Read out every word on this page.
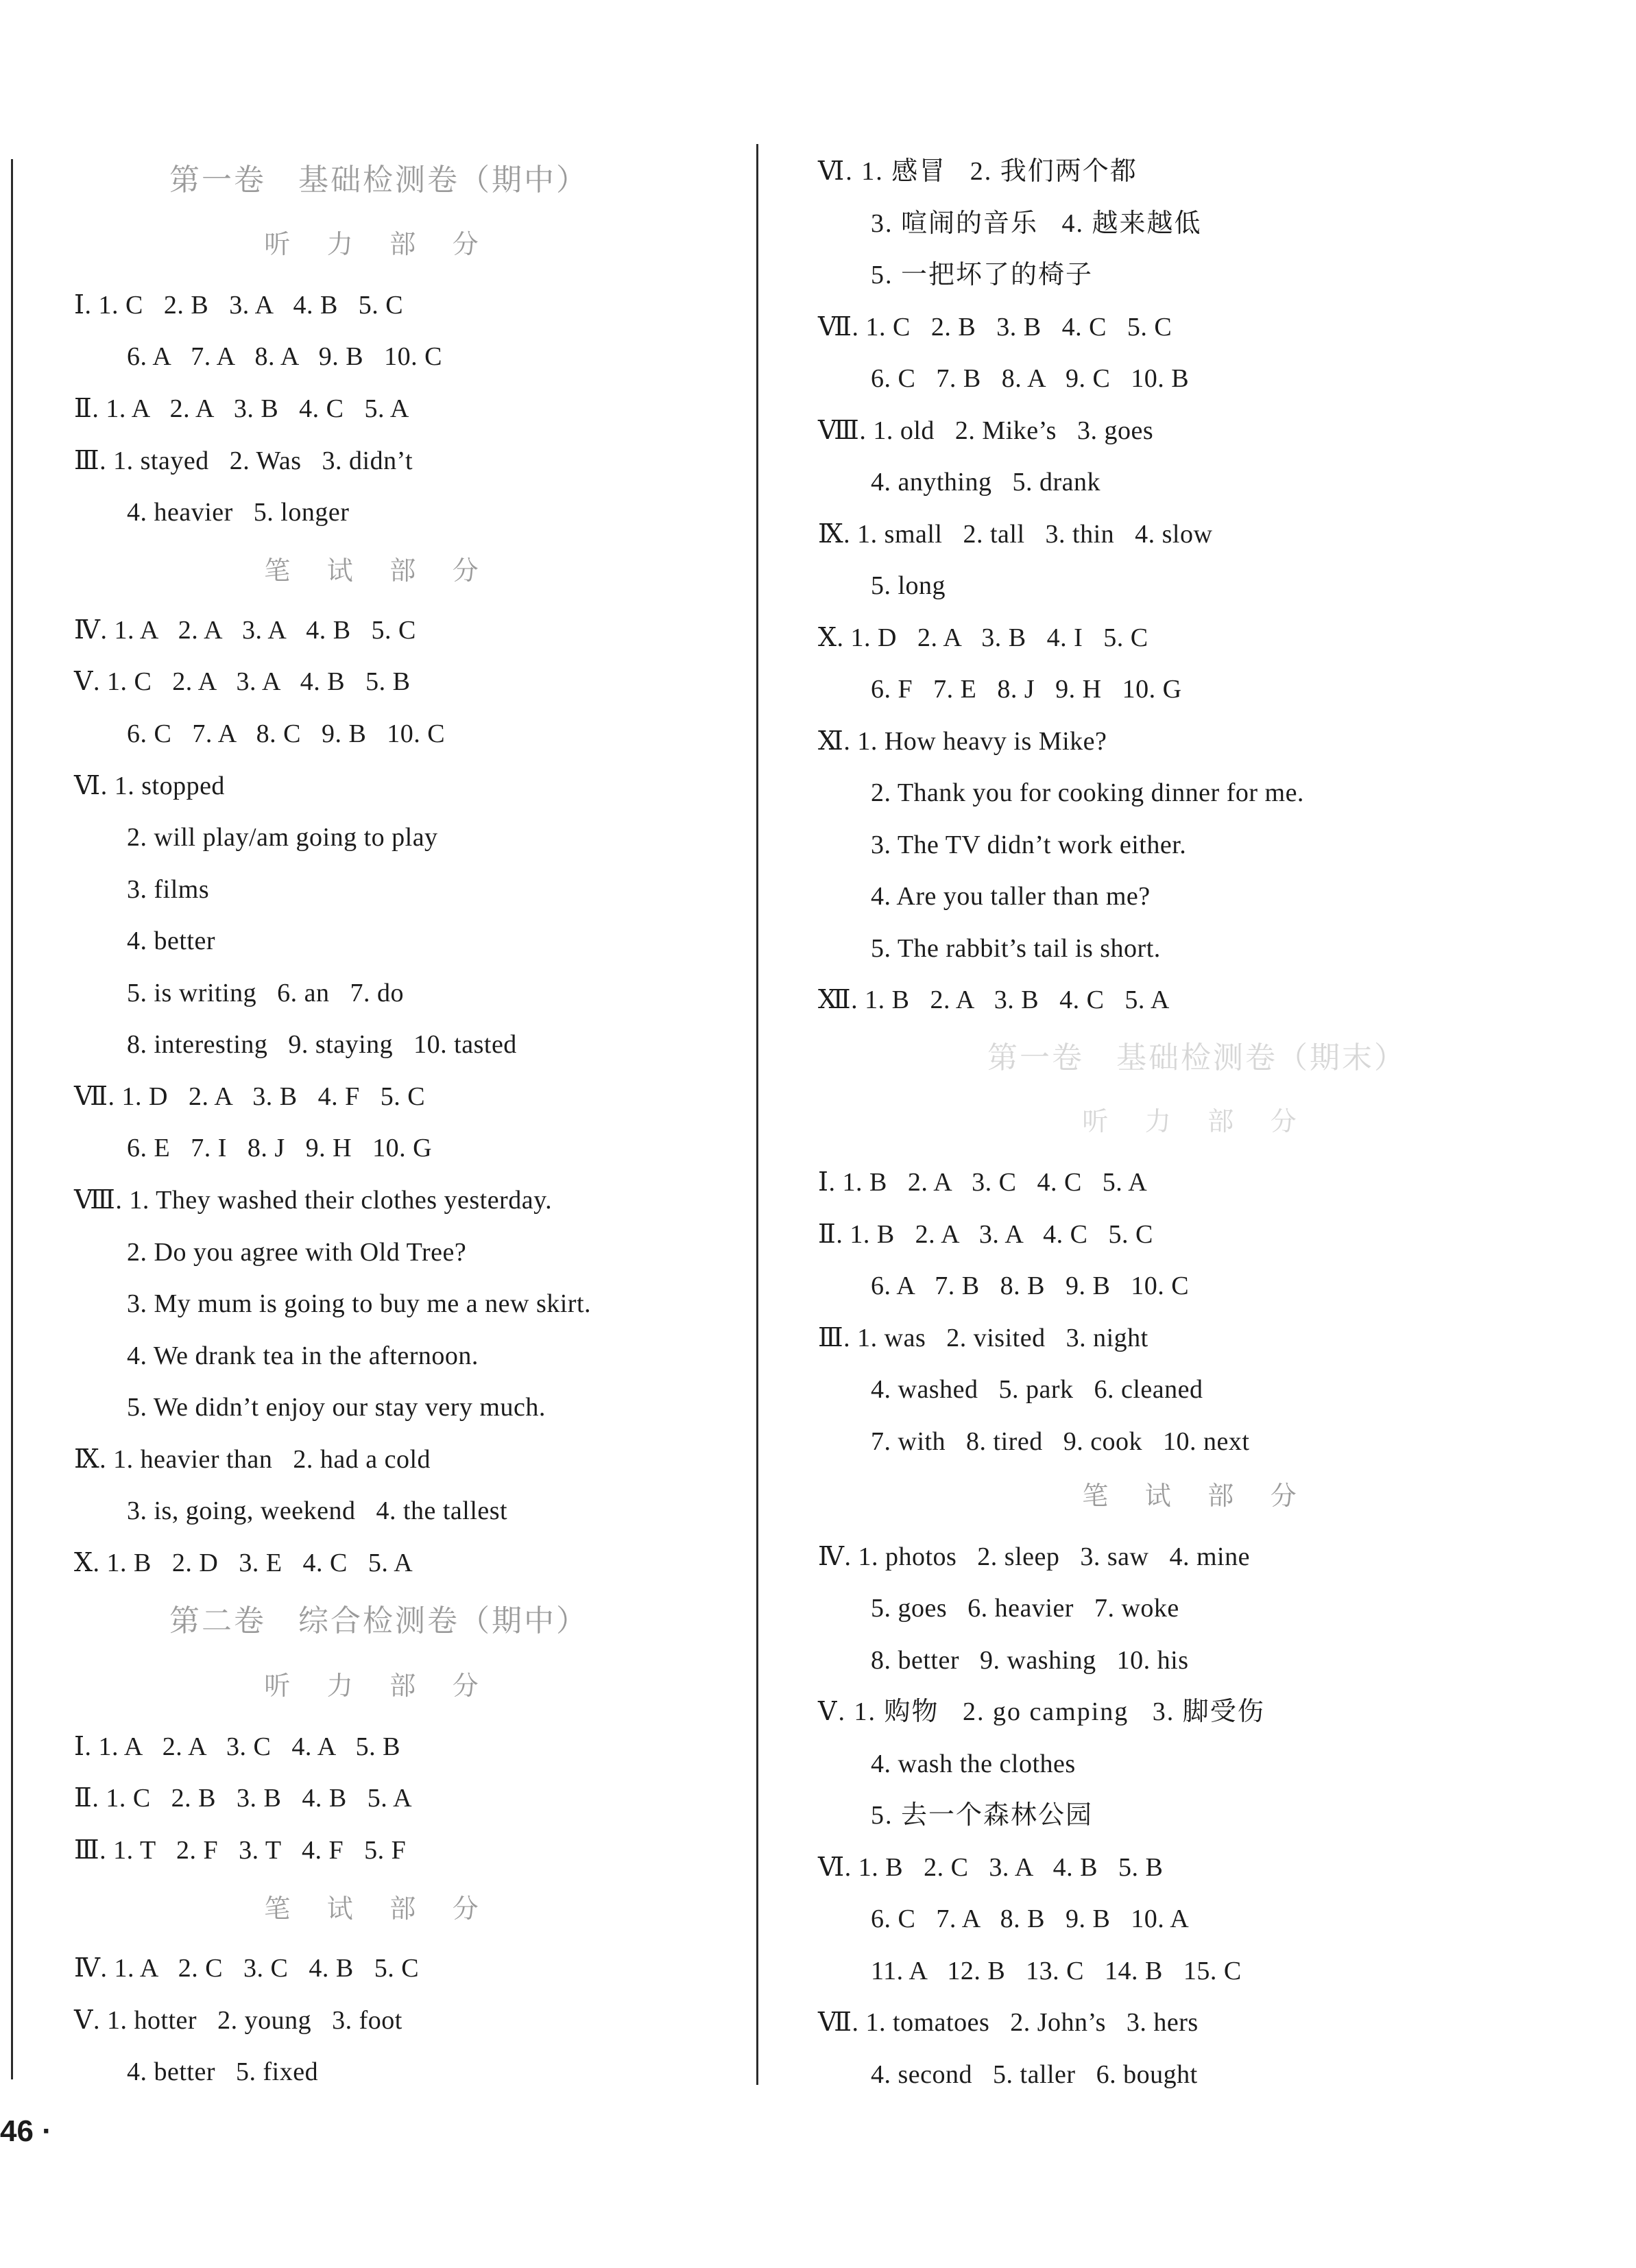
第一卷　基础检测卷（期中）
听 力 部 分
Ⅰ. 1. C   2. B   3. A   4. B   5. C
6. A   7. A   8. A   9. B   10. C
Ⅱ. 1. A   2. A   3. B   4. C   5. A
Ⅲ. 1. stayed   2. Was   3. didn’t
4. heavier   5. longer
笔 试 部 分
Ⅳ. 1. A   2. A   3. A   4. B   5. C
Ⅴ. 1. C   2. A   3. A   4. B   5. B
6. C   7. A   8. C   9. B   10. C
Ⅵ. 1. stopped
2. will play/am going to play
3. films
4. better
5. is writing   6. an   7. do
8. interesting   9. staying   10. tasted
Ⅶ. 1. D   2. A   3. B   4. F   5. C
6. E   7. I   8. J   9. H   10. G
Ⅷ. 1. They washed their clothes yesterday.
2. Do you agree with Old Tree?
3. My mum is going to buy me a new skirt.
4. We drank tea in the afternoon.
5. We didn’t enjoy our stay very much.
Ⅸ. 1. heavier than   2. had a cold
3. is, going, weekend   4. the tallest
Ⅹ. 1. B   2. D   3. E   4. C   5. A
第二卷　综合检测卷（期中）
听 力 部 分
Ⅰ. 1. A   2. A   3. C   4. A   5. B
Ⅱ. 1. C   2. B   3. B   4. B   5. A
Ⅲ. 1. T   2. F   3. T   4. F   5. F
笔 试 部 分
Ⅳ. 1. A   2. C   3. C   4. B   5. C
Ⅴ. 1. hotter   2. young   3. foot
4. better   5. fixed
Ⅵ. 1. 感冒   2. 我们两个都
3. 喧闹的音乐   4. 越来越低
5. 一把坏了的椅子
Ⅶ. 1. C   2. B   3. B   4. C   5. C
6. C   7. B   8. A   9. C   10. B
Ⅷ. 1. old   2. Mike’s   3. goes
4. anything   5. drank
Ⅸ. 1. small   2. tall   3. thin   4. slow
5. long
Ⅹ. 1. D   2. A   3. B   4. I   5. C
6. F   7. E   8. J   9. H   10. G
Ⅺ. 1. How heavy is Mike?
2. Thank you for cooking dinner for me.
3. The TV didn’t work either.
4. Are you taller than me?
5. The rabbit’s tail is short.
Ⅻ. 1. B   2. A   3. B   4. C   5. A
第一卷　基础检测卷（期末）
听 力 部 分
Ⅰ. 1. B   2. A   3. C   4. C   5. A
Ⅱ. 1. B   2. A   3. A   4. C   5. C
6. A   7. B   8. B   9. B   10. C
Ⅲ. 1. was   2. visited   3. night
4. washed   5. park   6. cleaned
7. with   8. tired   9. cook   10. next
笔 试 部 分
Ⅳ. 1. photos   2. sleep   3. saw   4. mine
5. goes   6. heavier   7. woke
8. better   9. washing   10. his
Ⅴ. 1. 购物   2. go camping   3. 脚受伤
4. wash the clothes
5. 去一个森林公园
Ⅵ. 1. B   2. C   3. A   4. B   5. B
6. C   7. A   8. B   9. B   10. A
11. A   12. B   13. C   14. B   15. C
Ⅶ. 1. tomatoes   2. John’s   3. hers
4. second   5. taller   6. bought
46 ·
